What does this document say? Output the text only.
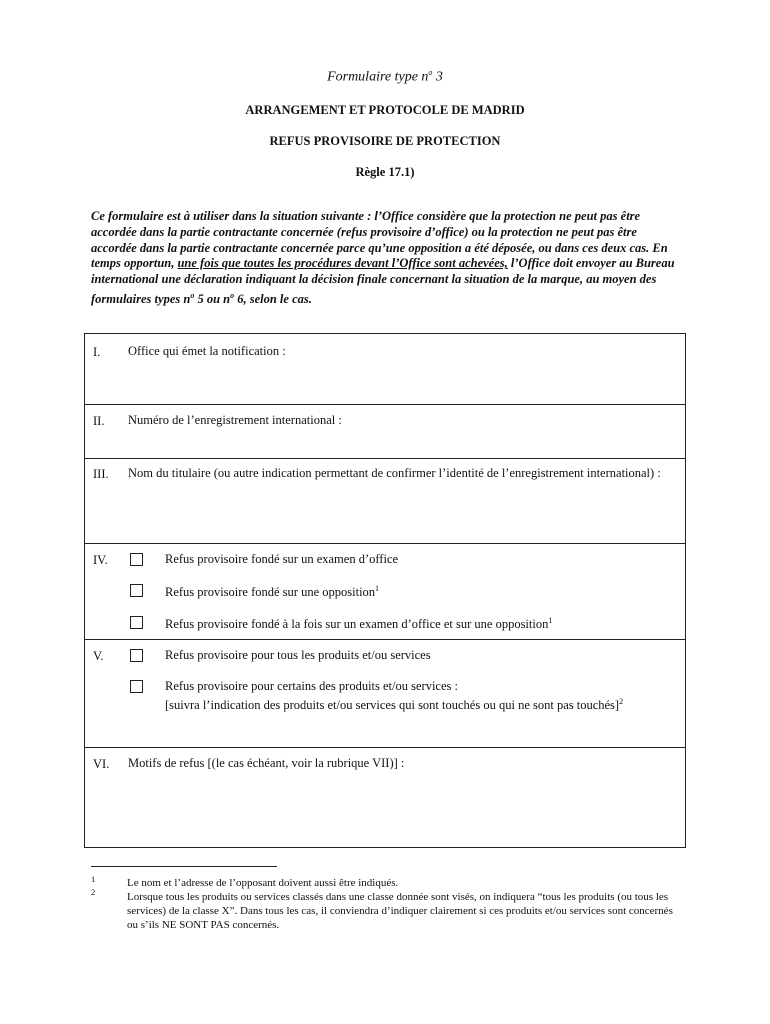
Formulaire type $n^o$ 3
ARRANGEMENT ET PROTOCOLE DE MADRID
REFUS PROVISOIRE DE PROTECTION
Règle 17.1)
Ce formulaire est à utiliser dans la situation suivante : l’Office considère que la protection ne peut pas être accordée dans la partie contractante concernée (refus provisoire d’office) ou la protection ne peut pas être accordée dans la partie contractante concernée parce qu’une opposition a été déposée, ou dans ces deux cas. En temps opportun, une fois que toutes les procédures devant l’Office sont achevées, l’Office doit envoyer au Bureau international une déclaration indiquant la décision finale concernant la situation de la marque, au moyen des formulaires types $n^o$ 5 ou $n^o$ 6, selon le cas.
I. Office qui émet la notification :
II. Numéro de l’enregistrement international :
III. Nom du titulaire (ou autre indication permettant de confirmer l’identité de l’enregistrement international) :
IV.	Refus provisoire fondé sur un examen d’office
Refus provisoire fondé sur une opposition$^1$
Refus provisoire fondé à la fois sur un examen d’office et sur une opposition$^1$
V.	Refus provisoire pour tous les produits et/ou services
Refus provisoire pour certains des produits et/ou services :
[suivra l’indication des produits et/ou services qui sont touchés ou qui ne sont pas touchés]$^2$
VI. Motifs de refus [(le cas échéant, voir la rubrique VII)] :
1	Le nom et l’adresse de l’opposant doivent aussi être indiqués.
2	Lorsque tous les produits ou services classés dans une classe donnée sont visés, on indiquera “tous les produits (ou tous les services) de la classe X”. Dans tous les cas, il conviendra d’indiquer clairement si ces produits et/ou services sont concernés ou s’ils NE SONT PAS concernés.
